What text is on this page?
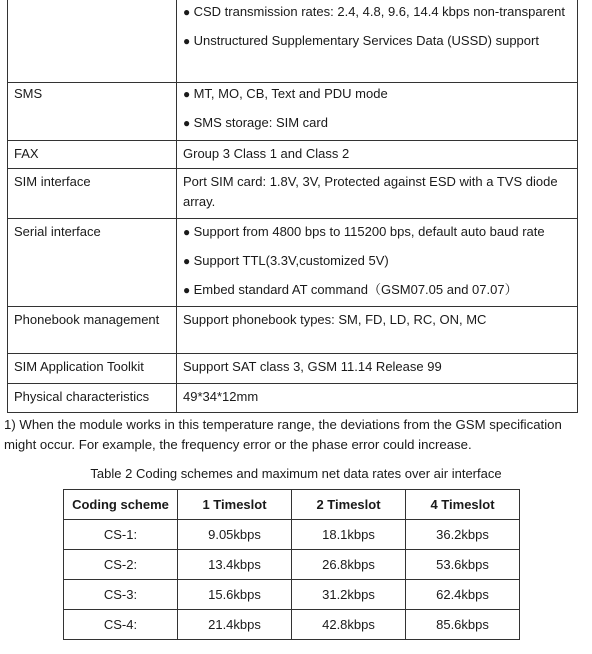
	● CSD transmission rates: 2.4, 4.8, 9.6, 14.4 kbps non-transparent
● Unstructured Supplementary Services Data (USSD) support

SMS	● MT, MO, CB, Text and PDU mode
● SMS storage: SIM card

FAX	Group 3 Class 1 and Class 2
SIM interface	Port SIM card: 1.8V, 3V, Protected against ESD with a TVS diode array.
Serial interface	● Support from 4800 bps to 115200 bps, default auto baud rate
● Support TTL(3.3V,customized 5V)
● Embed standard AT command（GSM07.05 and 07.07）

Phonebook management	Support phonebook types: SM, FD, LD, RC, ON, MC
SIM Application Toolkit	Support SAT class 3, GSM 11.14 Release 99
Physical characteristics	49*34*12mm

1) When the module works in this temperature range, the deviations from the GSM specification might occur. For example, the frequency error or the phase error could increase.

Table 2 Coding schemes and maximum net data rates over air interface

Coding scheme	1 Timeslot	2 Timeslot	4 Timeslot
CS-1:	9.05kbps	18.1kbps	36.2kbps
CS-2:	13.4kbps	26.8kbps	53.6kbps
CS-3:	15.6kbps	31.2kbps	62.4kbps
CS-4:	21.4kbps	42.8kbps	85.6kbps
